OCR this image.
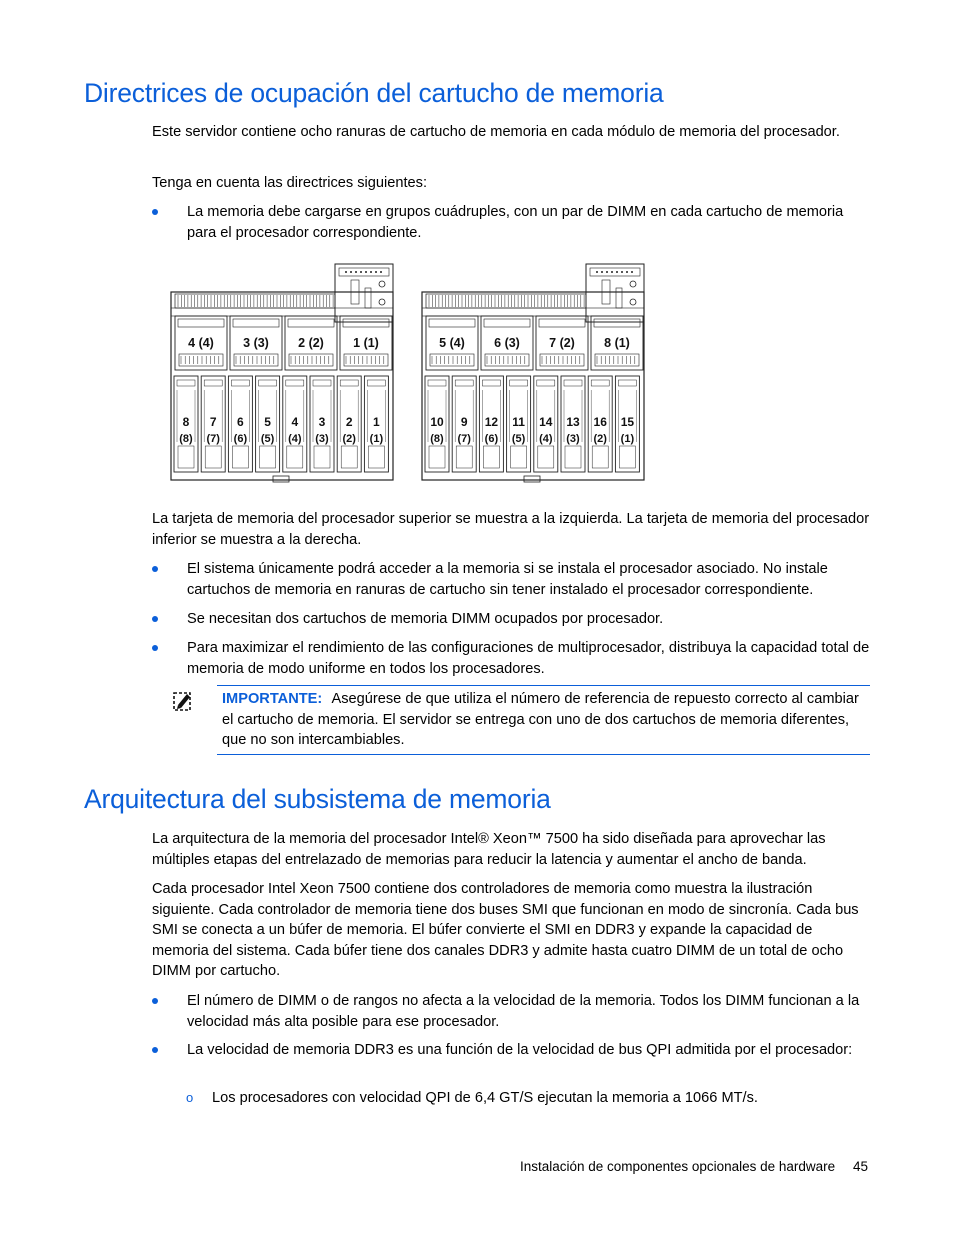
Directrices de ocupación del cartucho de memoria

Este servidor contiene ocho ranuras de cartucho de memoria en cada módulo de memoria del procesador.

Tenga en cuenta las directrices siguientes:

La memoria debe cargarse en grupos cuádruples, con un par de DIMM en cada cartucho de memoria para el procesador correspondiente.
4 (4) 3 (3) 2 (2) 1 (1)
8
(8)
7
(7)
6
(6)
5
(5)
4
(4)
3
(3)
2
(2)
1
(1)
5 (4) 6 (3) 7 (2) 8 (1)
10
(8)
9
(7)
12
(6)
11
(5)
14
(4)
13
(3)
16
(2)
15
(1)

La tarjeta de memoria del procesador superior se muestra a la izquierda. La tarjeta de memoria del procesador inferior se muestra a la derecha.

El sistema únicamente podrá acceder a la memoria si se instala el procesador asociado. No instale cartuchos de memoria en ranuras de cartucho sin tener instalado el procesador correspondiente.
Se necesitan dos cartuchos de memoria DIMM ocupados por procesador.
Para maximizar el rendimiento de las configuraciones de multiprocesador, distribuya la capacidad total de memoria de modo uniforme en todos los procesadores.
IMPORTANTE: Asegúrese de que utiliza el número de referencia de repuesto correcto al cambiar el cartucho de memoria. El servidor se entrega con uno de dos cartuchos de memoria diferentes, que no son intercambiables.
Arquitectura del subsistema de memoria

La arquitectura de la memoria del procesador Intel® Xeon™ 7500 ha sido diseñada para aprovechar las múltiples etapas del entrelazado de memorias para reducir la latencia y aumentar el ancho de banda.

Cada procesador Intel Xeon 7500 contiene dos controladores de memoria como muestra la ilustración siguiente. Cada controlador de memoria tiene dos buses SMI que funcionan en modo de sincronía. Cada bus SMI se conecta a un búfer de memoria. El búfer convierte el SMI en DDR3 y expande la capacidad de memoria del sistema. Cada búfer tiene dos canales DDR3 y admite hasta cuatro DIMM de un total de ocho DIMM por cartucho.

El número de DIMM o de rangos no afecta a la velocidad de la memoria. Todos los DIMM funcionan a la velocidad más alta posible para ese procesador.
La velocidad de memoria DDR3 es una función de la velocidad de bus QPI admitida por el procesador:
o Los procesadores con velocidad QPI de 6,4 GT/S ejecutan la memoria a 1066 MT/s.
Instalación de componentes opcionales de hardware 45
